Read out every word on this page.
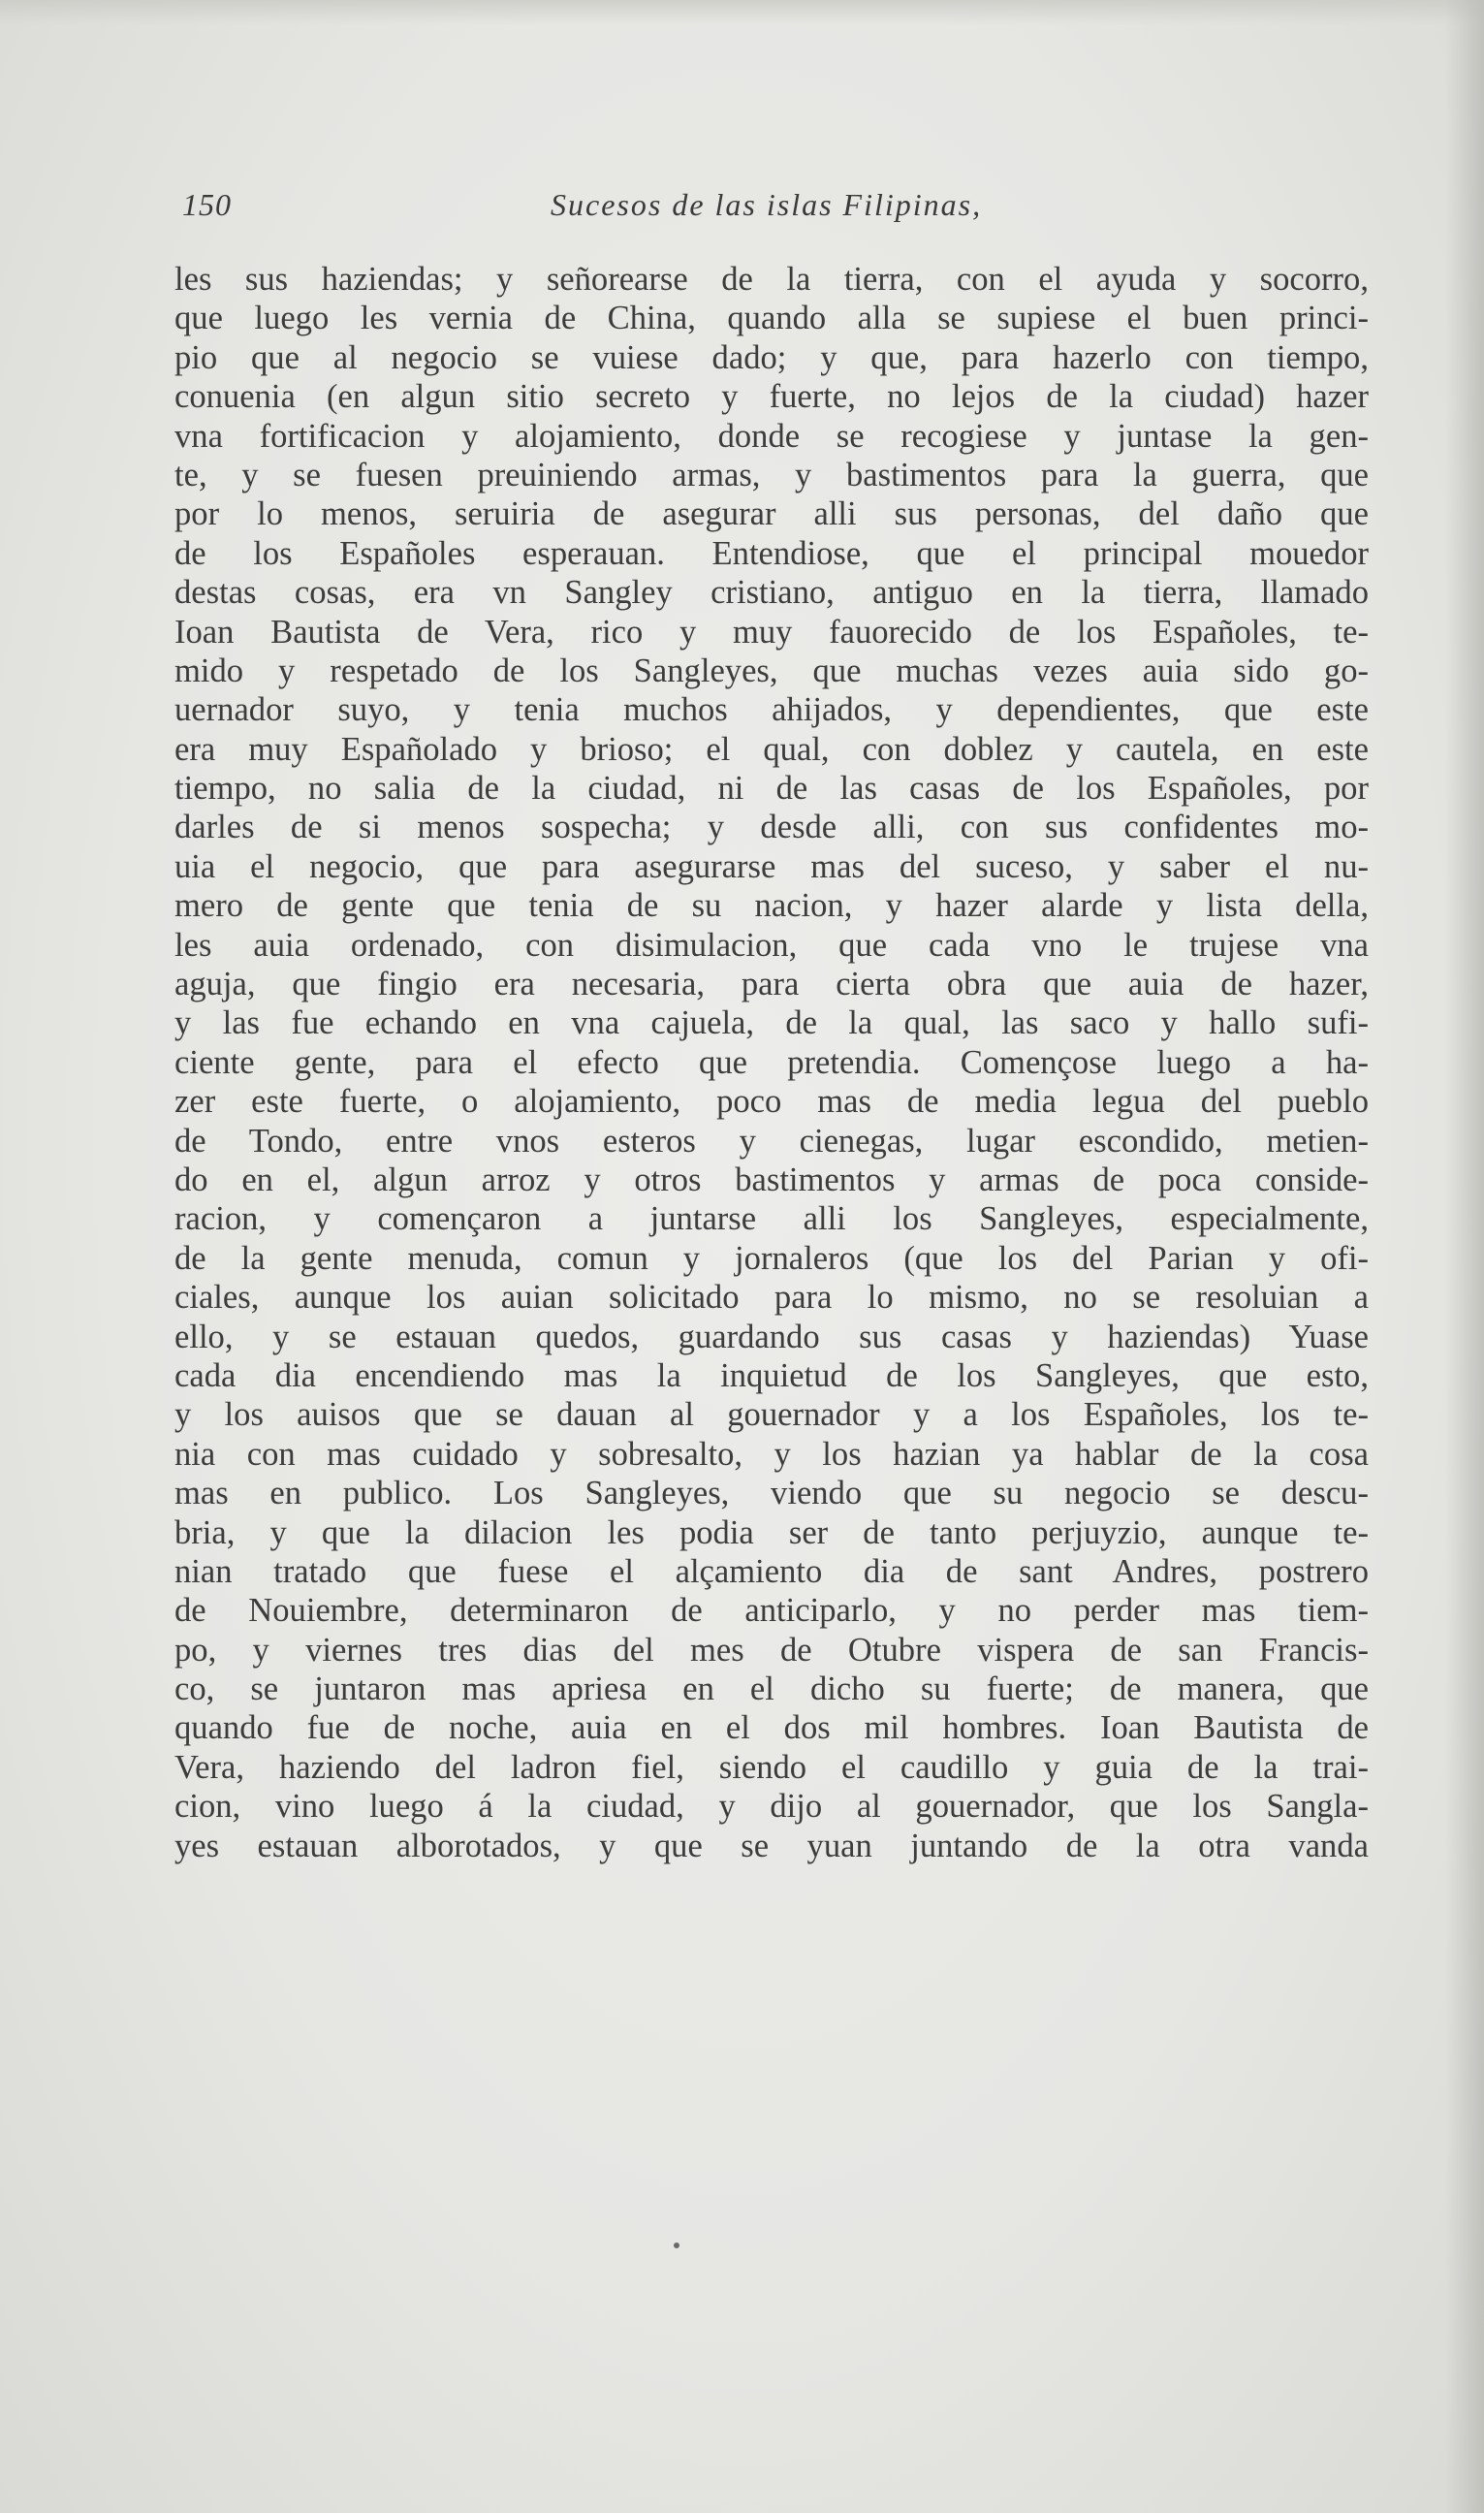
150	Sucesos de las islas Filipinas,
les sus haziendas; y señorearse de la tierra, con el ayuda y socorro,
que luego les vernia de China, quando alla se supiese el buen princi-
pio que al negocio se vuiese dado; y que, para hazerlo con tiempo,
conuenia (en algun sitio secreto y fuerte, no lejos de la ciudad) hazer
vna fortificacion y alojamiento, donde se recogiese y juntase la gen-
te, y se fuesen preuiniendo armas, y bastimentos para la guerra, que
por lo menos, seruiria de asegurar alli sus personas, del daño que
de los Españoles esperauan. Entendiose, que el principal mouedor
destas cosas, era vn Sangley cristiano, antiguo en la tierra, llamado
Ioan Bautista de Vera, rico y muy fauorecido de los Españoles, te-
mido y respetado de los Sangleyes, que muchas vezes auia sido go-
uernador suyo, y tenia muchos ahijados, y dependientes, que este
era muy Españolado y brioso; el qual, con doblez y cautela, en este
tiempo, no salia de la ciudad, ni de las casas de los Españoles, por
darles de si menos sospecha; y desde alli, con sus confidentes mo-
uia el negocio, que para asegurarse mas del suceso, y saber el nu-
mero de gente que tenia de su nacion, y hazer alarde y lista della,
les auia ordenado, con disimulacion, que cada vno le trujese vna
aguja, que fingio era necesaria, para cierta obra que auia de hazer,
y las fue echando en vna cajuela, de la qual, las saco y hallo sufi-
ciente gente, para el efecto que pretendia. Començose luego a ha-
zer este fuerte, o alojamiento, poco mas de media legua del pueblo
de Tondo, entre vnos esteros y cienegas, lugar escondido, metien-
do en el, algun arroz y otros bastimentos y armas de poca conside-
racion, y començaron a juntarse alli los Sangleyes, especialmente,
de la gente menuda, comun y jornaleros (que los del Parian y ofi-
ciales, aunque los auian solicitado para lo mismo, no se resoluian a
ello, y se estauan quedos, guardando sus casas y haziendas) Yuase
cada dia encendiendo mas la inquietud de los Sangleyes, que esto,
y los auisos que se dauan al gouernador y a los Españoles, los te-
nia con mas cuidado y sobresalto, y los hazian ya hablar de la cosa
mas en publico. Los Sangleyes, viendo que su negocio se descu-
bria, y que la dilacion les podia ser de tanto perjuyzio, aunque te-
nian tratado que fuese el alçamiento dia de sant Andres, postrero
de Nouiembre, determinaron de anticiparlo, y no perder mas tiem-
po, y viernes tres dias del mes de Otubre vispera de san Francis-
co, se juntaron mas apriesa en el dicho su fuerte; de manera, que
quando fue de noche, auia en el dos mil hombres. Ioan Bautista de
Vera, haziendo del ladron fiel, siendo el caudillo y guia de la trai-
cion, vino luego á la ciudad, y dijo al gouernador, que los Sangla-
yes estauan alborotados, y que se yuan juntando de la otra vanda
